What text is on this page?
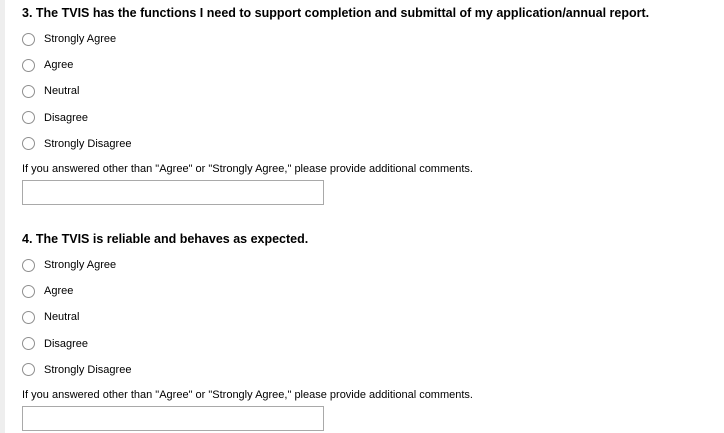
3. The TVIS has the functions I need to support completion and submittal of my application/annual report.
Strongly Agree
Agree
Neutral
Disagree
Strongly Disagree
If you answered other than "Agree" or "Strongly Agree," please provide additional comments.
4. The TVIS is reliable and behaves as expected.
Strongly Agree
Agree
Neutral
Disagree
Strongly Disagree
If you answered other than "Agree" or "Strongly Agree," please provide additional comments.
